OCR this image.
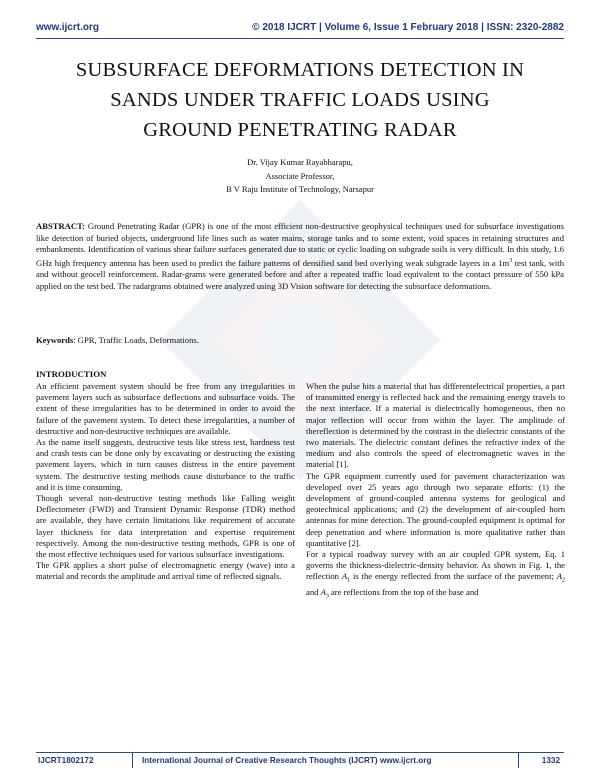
www.ijcrt.org	© 2018 IJCRT | Volume 6, Issue 1 February 2018 | ISSN: 2320-2882
SUBSURFACE DEFORMATIONS DETECTION IN
SANDS UNDER TRAFFIC LOADS USING
GROUND PENETRATING RADAR
Dr. Vijay Kumar Rayabharapu,
Associate Professor,
B V Raju Institute of Technology, Narsapur
ABSTRACT: Ground Penetrating Radar (GPR) is one of the most efficient non-destructive geophysical techniques used for subsurface investigations like detection of buried objects, underground life lines such as water mains, storage tanks and to some extent, void spaces in retaining structures and embankments. Identification of various shear failure surfaces generated due to static or cyclic loading on subgrade soils is very difficult. In this study, 1.6 GHz high frequency antenna has been used to predict the failure patterns of densified sand bed overlying weak subgrade layers in a $1m^3$ test tank, with and without geocell reinforcement. Radar-grams were generated before and after a repeated traffic load equivalent to the contact pressure of 550 kPa applied on the test bed. The radargrams obtained were analyzed using 3D Vision software for detecting the subsurface deformations.
Keywords: GPR, Traffic Loads, Deformations.
INTRODUCTION

An efficient pavement system should be free from any irregularities in pavement layers such as subsurface deflections and subsurface voids. The extent of these irregularities has to be determined in order to avoid the failure of the pavement system. To detect these irregularities, a number of destructive and non-destructive techniques are available.

As the name itself suggests, destructive tests like stress test, hardness test and crash tests can be done only by excavating or destructing the existing pavement layers, which in turn causes distress in the entire pavement system. The destructive testing methods cause disturbance to the traffic and it is time consuming.

Though several non-destructive testing methods like Falling weight Deflectometer (FWD) and Transient Dynamic Response (TDR) method are available, they have certain limitations like requirement of accurate layer thickness for data interpretation and expertise requirement respectively. Among the non-destructive testing methods, GPR is one of the most effective techniques used for various subsurface investigations.

The GPR applies a short pulse of electromagnetic energy (wave) into a material and records the amplitude and arrival time of reflected signals.

When the pulse hits a material that has differentelectrical properties, a part of transmitted energy is reflected back and the remaining energy travels to the next interface. If a material is dielectrically homogeneous, then no major reflection will occur from within the layer. The amplitude of thereflection is determined by the contrast in the dielectric constants of the two materials. The dielectric constant defines the refractive index of the medium and also controls the speed of electromagnetic waves in the material [1].

The GPR equipment currently used for pavement characterization was developed over 25 years ago through two separate efforts: (1) the development of ground-coupled antenna systems for geological and geotechnical applications; and (2) the development of air-coupled horn antennas for mine detection. The ground-coupled equipment is optimal for deep penetration and where information is more qualitative rather than quantitative [2].

For a typical roadway survey with an air coupled GPR system, Eq. 1 governs the thickness-dielectric-density behavior. As shown in Fig. 1, the reflection $A_1$ is the energy reflected from the surface of the pavement; $A_2$ and $A_3$ are reflections from the top of the base and

IJCRT1802172	International Journal of Creative Research Thoughts (IJCRT) www.ijcrt.org	1332
